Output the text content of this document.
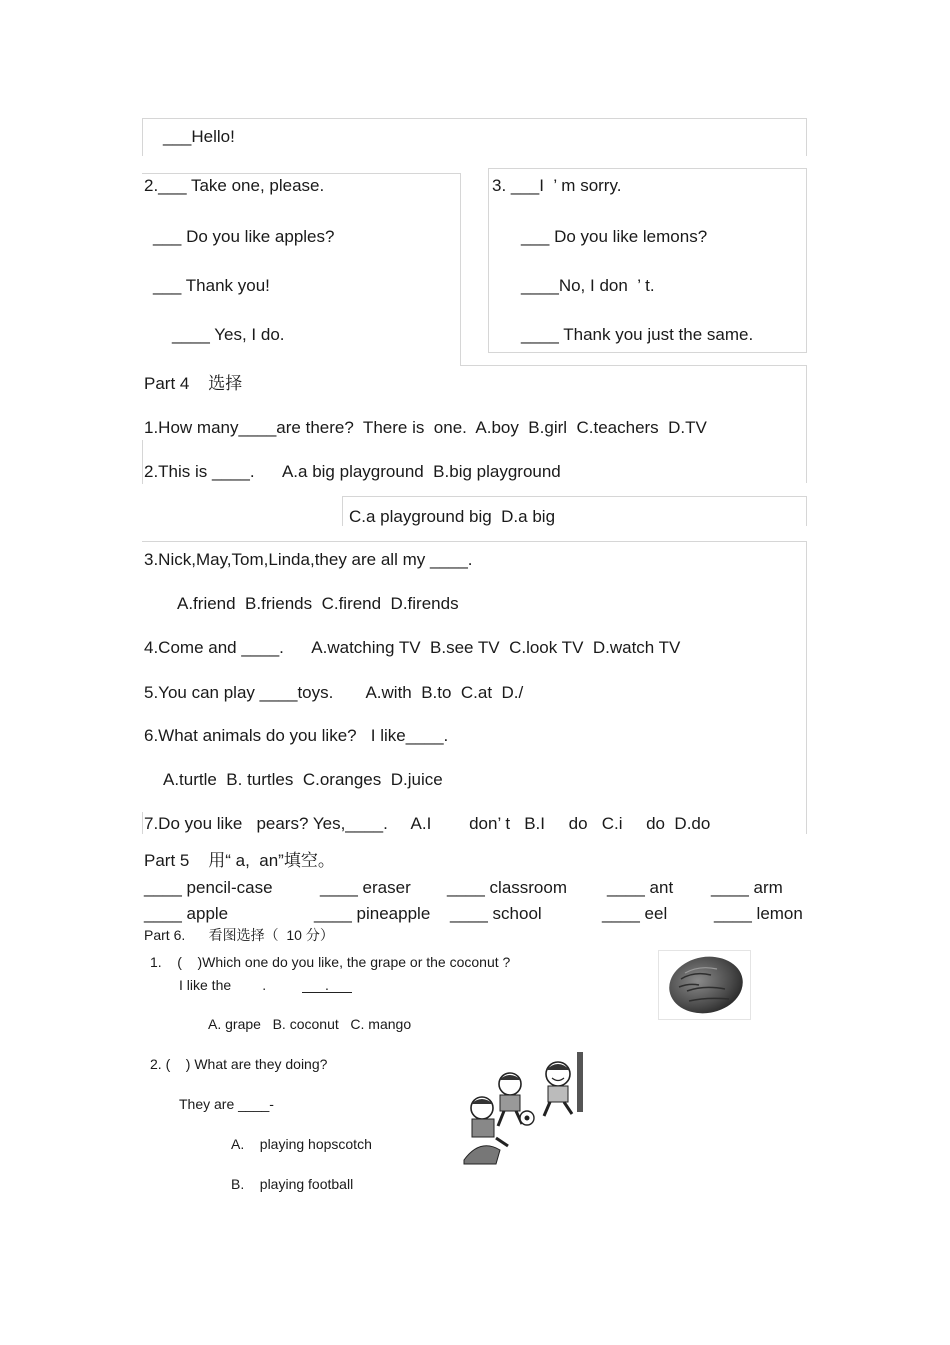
___Hello!
2.___ Take one, please.
___ Do you like apples?
___ Thank you!
____ Yes, I do.
3. ___I  ’ m sorry.
___ Do you like lemons?
____No, I don  ’ t.
____ Thank you just the same.
Part 4    选择
1.How many____are there?  There is  one.  A.boy  B.girl  C.teachers  D.TV
2.This is ____.      A.a big playground  B.big playground
C.a playground big  D.a big
3.Nick,May,Tom,Linda,they are all my ____.
A.friend  B.friends  C.firend  D.firends
4.Come and ____.      A.watching TV  B.see TV  C.look TV  D.watch TV
5.You can play ____toys.       A.with  B.to  C.at  D./
6.What animals do you like?   I like____.
A.turtle  B. turtles  C.oranges  D.juice
7.Do you like   pears? Yes,____.     A.I        don’ t   B.I     do   C.i     do  D.do
Part 5    用“ a,  an”填空。
____ pencil-case	____ eraser ____ classroom ____ ant ____ arm
____ apple	____ pineapple ____ school	____ eel	____ lemon
Part 6.      看图选择（  10 分）
1.    (    )Which one do you like, the grape or the coconut ?
I like the        .	.
A. grape   B. coconut   C. mango
2. (    ) What are they doing?
They are ____-
A.    playing hopscotch
B.    playing football
